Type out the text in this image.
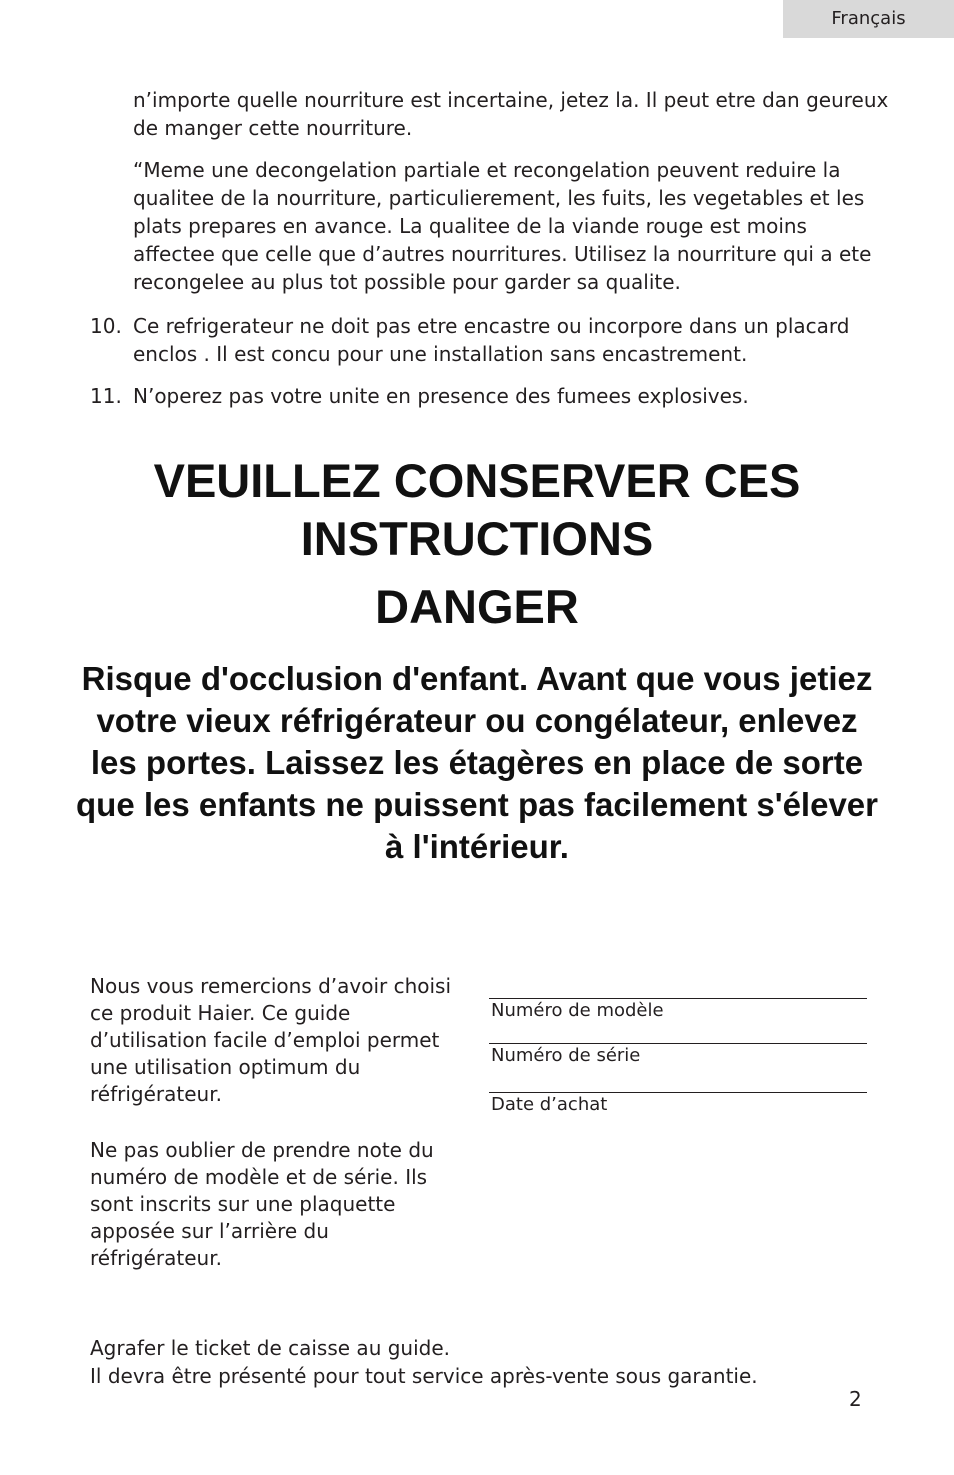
Français

n’importe quelle nourriture est incertaine, jetez la. Il peut etre dan geureux de manger cette nourriture.

“Meme une decongelation partiale et recongelation peuvent reduire la qualitee de la nourriture, particulierement, les fuits, les vegetables et les plats prepares en avance. La qualitee de la viande rouge est moins affectee que celle que d’autres nourritures. Utilisez la nourriture qui a ete recongelee au plus tot possible pour garder sa qualite.

10. Ce refrigerateur ne doit pas etre encastre ou incorpore dans un placard enclos . Il est concu pour une installation sans encastrement.
11. N’operez pas votre unite en presence des fumees explosives.
VEUILLEZ CONSERVER CES INSTRUCTIONS
DANGER
Risque d'occlusion d'enfant. Avant que vous jetiez votre vieux réfrigérateur ou congélateur, enlevez les portes. Laissez les étagères en place de sorte que les enfants ne puissent pas facilement s'élever à l'intérieur.

Nous vous remercions d’avoir choisi ce produit Haier. Ce guide d’utilisation facile d’emploi permet une utilisation optimum du réfrigérateur.

Ne pas oublier de prendre note du numéro de modèle et de série. Ils sont inscrits sur une plaquette apposée sur l’arrière du réfrigérateur.

Numéro de modèle
Numéro de série
Date d’achat
Agrafer le ticket de caisse au guide.
Il devra être présenté pour tout service après-vente sous garantie.
2
